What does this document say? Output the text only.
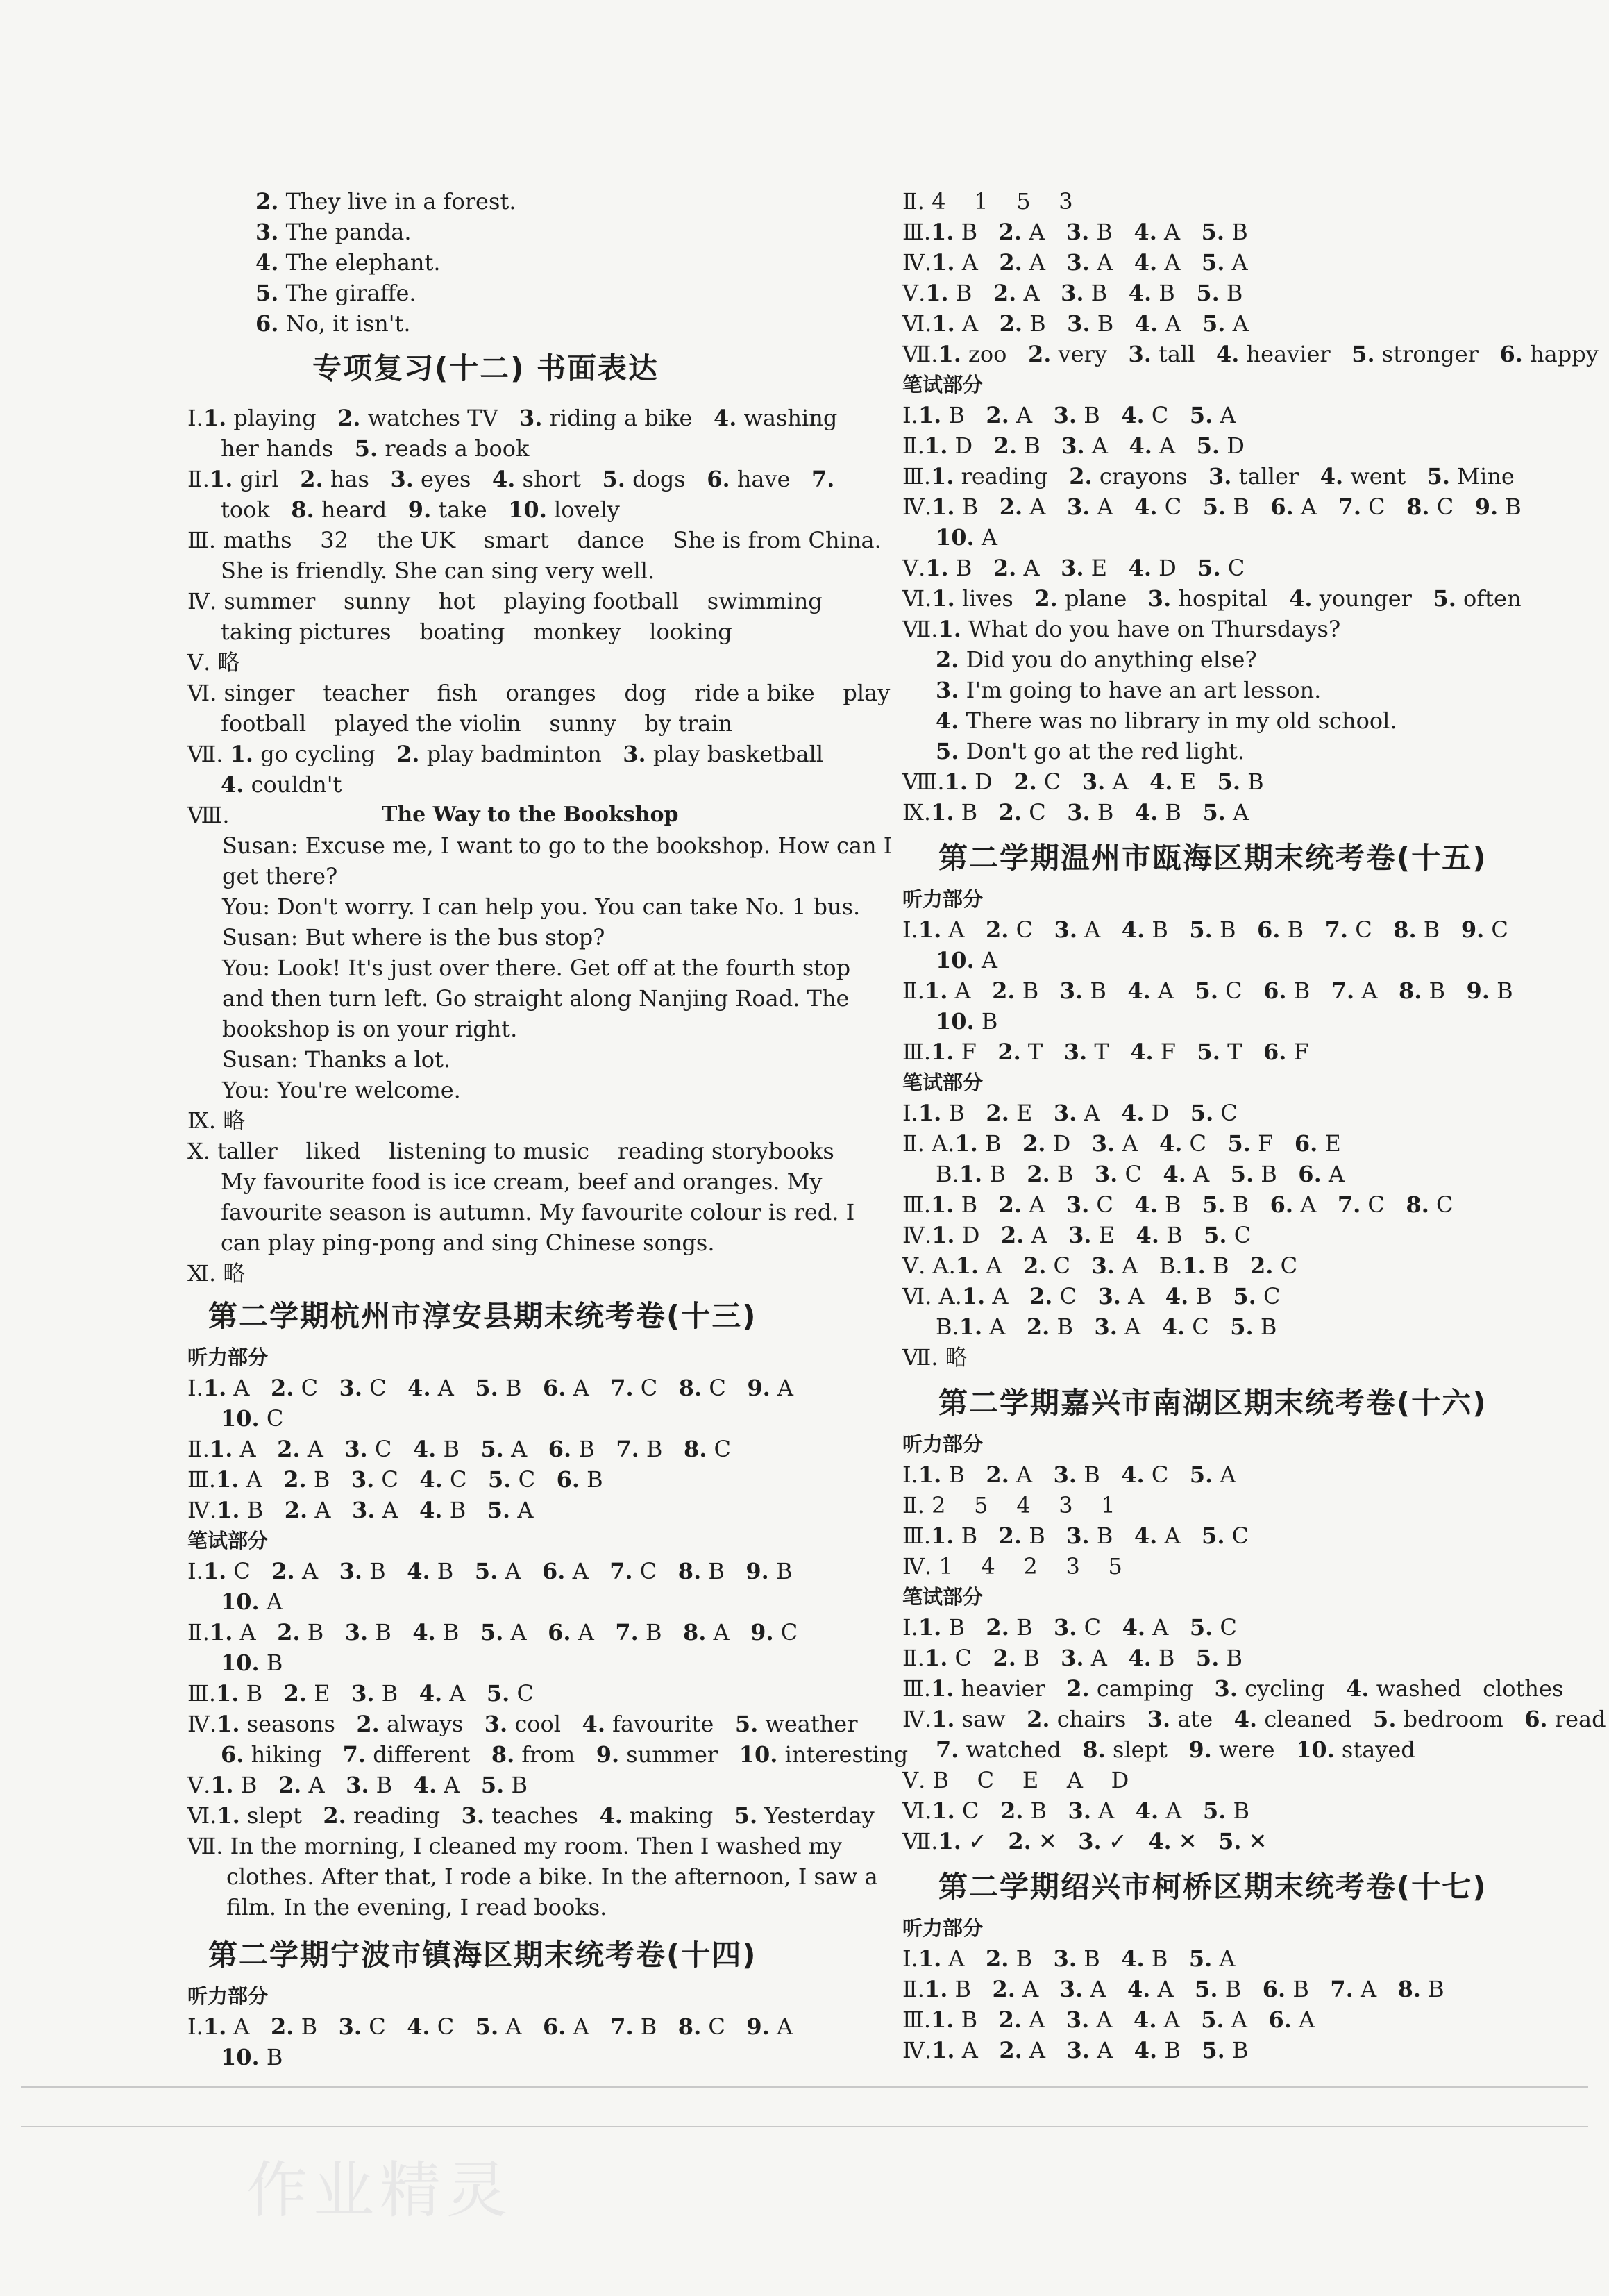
2. They live in a forest.
3. The panda.
4. The elephant.
5. The giraffe.
6. No, it isn't.
专项复习(十二) 书面表达
Ⅰ.1. playing   2. watches TV   3. riding a bike   4. washing
her hands   5. reads a book
Ⅱ.1. girl   2. has   3. eyes   4. short   5. dogs   6. have   7.
took   8. heard   9. take   10. lovely
Ⅲ. maths    32    the UK    smart    dance    She is from China.
She is friendly. She can sing very well.
Ⅳ. summer    sunny    hot    playing football    swimming
taking pictures    boating    monkey    looking
Ⅴ. 略
Ⅵ. singer    teacher    fish    oranges    dog    ride a bike    play
football    played the violin    sunny    by train
Ⅶ. 1. go cycling   2. play badminton   3. play basketball
4. couldn't
Ⅷ.	The Way to the Bookshop
Susan: Excuse me, I want to go to the bookshop. How can I
get there?
You: Don't worry. I can help you. You can take No. 1 bus.
Susan: But where is the bus stop?
You: Look! It's just over there. Get off at the fourth stop
and then turn left. Go straight along Nanjing Road. The
bookshop is on your right.
Susan: Thanks a lot.
You: You're welcome.
Ⅸ. 略
Ⅹ. taller    liked    listening to music    reading storybooks
My favourite food is ice cream, beef and oranges. My
favourite season is autumn. My favourite colour is red. I
can play ping-pong and sing Chinese songs.
Ⅺ. 略
第二学期杭州市淳安县期末统考卷(十三)
听力部分
Ⅰ.1. A   2. C   3. C   4. A   5. B   6. A   7. C   8. C   9. A
10. C
Ⅱ.1. A   2. A   3. C   4. B   5. A   6. B   7. B   8. C
Ⅲ.1. A   2. B   3. C   4. C   5. C   6. B
Ⅳ.1. B   2. A   3. A   4. B   5. A
笔试部分
Ⅰ.1. C   2. A   3. B   4. B   5. A   6. A   7. C   8. B   9. B
10. A
Ⅱ.1. A   2. B   3. B   4. B   5. A   6. A   7. B   8. A   9. C
10. B
Ⅲ.1. B   2. E   3. B   4. A   5. C
Ⅳ.1. seasons   2. always   3. cool   4. favourite   5. weather
6. hiking   7. different   8. from   9. summer   10. interesting
Ⅴ.1. B   2. A   3. B   4. A   5. B
Ⅵ.1. slept   2. reading   3. teaches   4. making   5. Yesterday
Ⅶ. In the morning, I cleaned my room. Then I washed my
clothes. After that, I rode a bike. In the afternoon, I saw a
film. In the evening, I read books.
第二学期宁波市镇海区期末统考卷(十四)
听力部分
Ⅰ.1. A   2. B   3. C   4. C   5. A   6. A   7. B   8. C   9. A
10. B
Ⅱ. 4    1    5    3
Ⅲ.1. B   2. A   3. B   4. A   5. B
Ⅳ.1. A   2. A   3. A   4. A   5. A
Ⅴ.1. B   2. A   3. B   4. B   5. B
Ⅵ.1. A   2. B   3. B   4. A   5. A
Ⅶ.1. zoo   2. very   3. tall   4. heavier   5. stronger   6. happy
笔试部分
Ⅰ.1. B   2. A   3. B   4. C   5. A
Ⅱ.1. D   2. B   3. A   4. A   5. D
Ⅲ.1. reading   2. crayons   3. taller   4. went   5. Mine
Ⅳ.1. B   2. A   3. A   4. C   5. B   6. A   7. C   8. C   9. B
10. A
Ⅴ.1. B   2. A   3. E   4. D   5. C
Ⅵ.1. lives   2. plane   3. hospital   4. younger   5. often
Ⅶ.1. What do you have on Thursdays?
2. Did you do anything else?
3. I'm going to have an art lesson.
4. There was no library in my old school.
5. Don't go at the red light.
Ⅷ.1. D   2. C   3. A   4. E   5. B
Ⅸ.1. B   2. C   3. B   4. B   5. A
第二学期温州市瓯海区期末统考卷(十五)
听力部分
Ⅰ.1. A   2. C   3. A   4. B   5. B   6. B   7. C   8. B   9. C
10. A
Ⅱ.1. A   2. B   3. B   4. A   5. C   6. B   7. A   8. B   9. B
10. B
Ⅲ.1. F   2. T   3. T   4. F   5. T   6. F
笔试部分
Ⅰ.1. B   2. E   3. A   4. D   5. C
Ⅱ. A.1. B   2. D   3. A   4. C   5. F   6. E
B.1. B   2. B   3. C   4. A   5. B   6. A
Ⅲ.1. B   2. A   3. C   4. B   5. B   6. A   7. C   8. C
Ⅳ.1. D   2. A   3. E   4. B   5. C
Ⅴ. A.1. A   2. C   3. A   B.1. B   2. C
Ⅵ. A.1. A   2. C   3. A   4. B   5. C
B.1. A   2. B   3. A   4. C   5. B
Ⅶ. 略
第二学期嘉兴市南湖区期末统考卷(十六)
听力部分
Ⅰ.1. B   2. A   3. B   4. C   5. A
Ⅱ. 2    5    4    3    1
Ⅲ.1. B   2. B   3. B   4. A   5. C
Ⅳ. 1    4    2    3    5
笔试部分
Ⅰ.1. B   2. B   3. C   4. A   5. C
Ⅱ.1. C   2. B   3. A   4. B   5. B
Ⅲ.1. heavier   2. camping   3. cycling   4. washed   clothes
Ⅳ.1. saw   2. chairs   3. ate   4. cleaned   5. bedroom   6. read
7. watched   8. slept   9. were   10. stayed
Ⅴ. B    C    E    A    D
Ⅵ.1. C   2. B   3. A   4. A   5. B
Ⅶ.1. ✓   2. ✕   3. ✓   4. ✕   5. ✕
第二学期绍兴市柯桥区期末统考卷(十七)
听力部分
Ⅰ.1. A   2. B   3. B   4. B   5. A
Ⅱ.1. B   2. A   3. A   4. A   5. B   6. B   7. A   8. B
Ⅲ.1. B   2. A   3. A   4. A   5. A   6. A
Ⅳ.1. A   2. A   3. A   4. B   5. B
作业精灵
